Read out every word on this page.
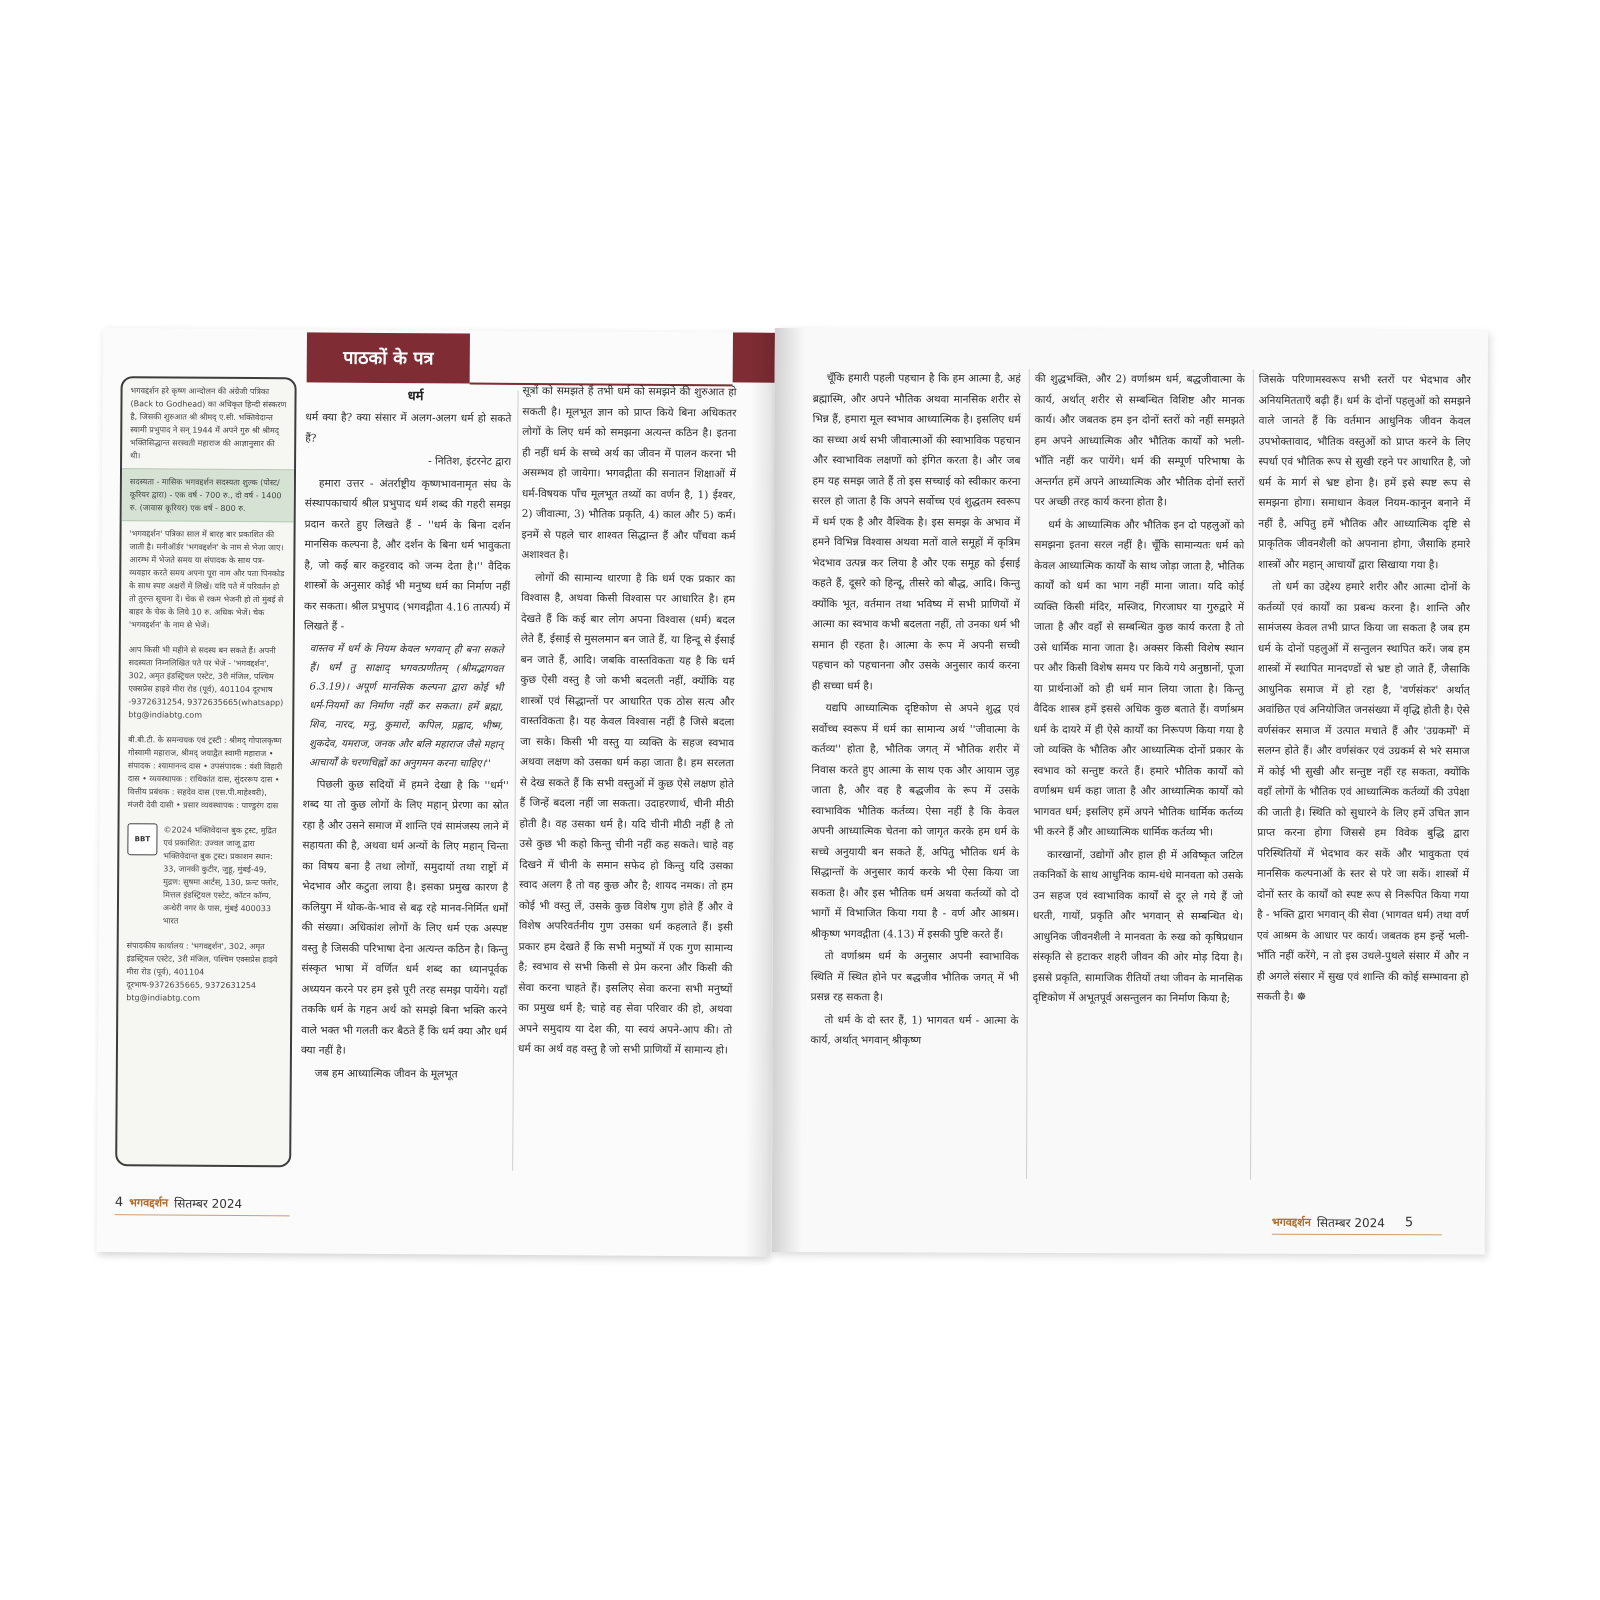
पाठकों के पत्र

भगवद्दर्शन हरे कृष्ण आन्दोलन की अंग्रेजी पत्रिका (Back to Godhead) का अधिकृत हिन्दी संस्करण है, जिसकी शुरुआत श्री श्रीमद् ए.सी. भक्तिवेदान्त स्वामी प्रभुपाद ने सन् 1944 में अपने गुरु श्री श्रीमद् भक्तिसिद्धान्त सरस्वती महाराज की आज्ञानुसार की थी।

सदस्यता - मासिक भगवद्दर्शन सदस्यता शुल्क (पोस्ट/कूरियर द्वारा) - एक वर्ष - 700 रु., दो वर्ष - 1400 रु. (जावास कूरियर) एक वर्ष - 800 रु.

'भगवद्दर्शन' पत्रिका साल में बारह बार प्रकाशित की जाती है। मनीऑर्डर 'भगवद्दर्शन' के नाम से भेजा जाए। आरम्भ में भेजते समय या संपादक के साथ पत्र-व्यवहार करते समय अपना पूरा नाम और पता पिनकोड के साथ स्पष्ट अक्षरों में लिखें। यदि पते में परिवर्तन हो तो तुरन्त सूचना दें। चेक से रकम भेजनी हो तो मुंबई से बाहर के चेक के लिये 10 रु. अधिक भेजें। चेक 'भगवद्दर्शन' के नाम से भेजें।

आप किसी भी महीने से सदस्य बन सकते हैं। अपनी सदस्यता निम्नलिखित पते पर भेजें - 'भगवद्दर्शन', 302, अमृत इंडस्ट्रियल एस्टेट, 3री मंजिल, पश्चिम एक्सप्रेस हाइवे मीरा रोड (पूर्व), 401104 दूरभाष -9372631254, 9372635665(whatsapp) btg@indiabtg.com

बी.बी.टी. के समन्वयक एवं ट्रस्टी : श्रीमद् गोपालकृष्ण गोस्वामी महाराज, श्रीमद् जयाद्वैत स्वामी महाराज • संपादक : श्यामानन्द दास • उपसंपादक : वंशी विहारी दास • व्यवस्थापक : राधिकांत दास, सुंदररूप दास • वित्तीय प्रबंधक : सहदेव दास (एस.पी.माहेश्वरी), मंजरी देवी दासी • प्रसार व्यवस्थापक : पाण्डुरंग दास

BBT

©2024 भक्तिवेदान्त बुक ट्रस्ट, मुद्रित एवं प्रकाशित: उज्वल जाजू द्वारा भक्तिवेदान्त बुक ट्रस्ट। प्रकाशन स्थान: 33, जानकी कुटीर, जुहू, मुंबई-49, मुद्रण: सुषमा आर्टस्, 130, फ्रन्ट फ्लोर, मित्तल इंडस्ट्रियल एस्टेट, कॉटन कॉम्प, अन्धेरी नगर के पास, मुंबई 400033 भारत

संपादकीय कार्यालय : 'भगवद्दर्शन', 302, अमृत इंडस्ट्रियल एस्टेट, 3री मंजिल, पश्चिम एक्सप्रेस हाइवे मीरा रोड (पूर्व), 401104 दूरभाष-9372635665, 9372631254 btg@indiabtg.com

धर्म

धर्म क्या है? क्या संसार में अलग-अलग धर्म हो सकते हैं?

- नितिश, इंटरनेट द्वारा

हमारा उत्तर - अंतर्राष्ट्रीय कृष्णभावनामृत संघ के संस्थापकाचार्य श्रील प्रभुपाद धर्म शब्द की गहरी समझ प्रदान करते हुए लिखते हैं - ''धर्म के बिना दर्शन मानसिक कल्पना है, और दर्शन के बिना धर्म भावुकता है, जो कई बार कट्टरवाद को जन्म देता है।'' वैदिक शास्त्रों के अनुसार कोई भी मनुष्य धर्म का निर्माण नहीं कर सकता। श्रील प्रभुपाद (भगवद्गीता 4.16 तात्पर्य) में लिखते हैं -

वास्तव में धर्म के नियम केवल भगवान् ही बना सकते हैं। धर्मं तु साक्षाद् भगवत्प्रणीतम् (श्रीमद्भागवत 6.3.19)। अपूर्ण मानसिक कल्पना द्वारा कोई भी धर्म-नियमों का निर्माण नहीं कर सकता। हमें ब्रह्मा, शिव, नारद, मनु, कुमारों, कपिल, प्रह्लाद, भीष्म, शुकदेव, यमराज, जनक और बलि महाराज जैसे महान् आचार्यों के चरणचिह्नों का अनुगमन करना चाहिए।''

पिछली कुछ सदियों में हमने देखा है कि ''धर्म'' शब्द या तो कुछ लोगों के लिए महान् प्रेरणा का स्रोत रहा है और उसने समाज में शान्ति एवं सामंजस्य लाने में सहायता की है, अथवा धर्म अन्यों के लिए महान् चिन्ता का विषय बना है तथा लोगों, समुदायों तथा राष्ट्रों में भेदभाव और कटुता लाया है। इसका प्रमुख कारण है कलियुग में थोक-के-भाव से बढ़ रहे मानव-निर्मित धर्मों की संख्या। अधिकांश लोगों के लिए धर्म एक अस्पष्ट वस्तु है जिसकी परिभाषा देना अत्यन्त कठिन है। किन्तु संस्कृत भाषा में वर्णित धर्म शब्द का ध्यानपूर्वक अध्ययन करने पर हम इसे पूरी तरह समझ पायेंगे। यहाँ तककि धर्म के गहन अर्थ को समझे बिना भक्ति करने वाले भक्त भी गलती कर बैठते हैं कि धर्म क्या और धर्म क्या नहीं है।

जब हम आध्यात्मिक जीवन के मूलभूत

सूत्रों को समझते हैं तभी धर्म को समझने की शुरुआत हो सकती है। मूलभूत ज्ञान को प्राप्त किये बिना अधिकतर लोगों के लिए धर्म को समझना अत्यन्त कठिन है। इतना ही नहीं धर्म के सच्चे अर्थ का जीवन में पालन करना भी असम्भव हो जायेगा। भगवद्गीता की सनातन शिक्षाओं में धर्म-विषयक पाँच मूलभूत तथ्यों का वर्णन है, 1) ईश्वर, 2) जीवात्मा, 3) भौतिक प्रकृति, 4) काल और 5) कर्म। इनमें से पहले चार शाश्वत सिद्धान्त हैं और पाँचवा कर्म अशाश्वत है।

लोगों की सामान्य धारणा है कि धर्म एक प्रकार का विश्वास है, अथवा किसी विश्वास पर आधारित है। हम देखते हैं कि कई बार लोग अपना विश्वास (धर्म) बदल लेते हैं, ईसाई से मुसलमान बन जाते हैं, या हिन्दू से ईसाई बन जाते हैं, आदि। जबकि वास्तविकता यह है कि धर्म कुछ ऐसी वस्तु है जो कभी बदलती नहीं, क्योंकि यह शास्त्रों एवं सिद्धान्तों पर आधारित एक ठोस सत्य और वास्तविकता है। यह केवल विश्वास नहीं है जिसे बदला जा सके। किसी भी वस्तु या व्यक्ति के सहज स्वभाव अथवा लक्षण को उसका धर्म कहा जाता है। हम सरलता से देख सकते हैं कि सभी वस्तुओं में कुछ ऐसे लक्षण होते हैं जिन्हें बदला नहीं जा सकता। उदाहरणार्थ, चीनी मीठी होती है। वह उसका धर्म है। यदि चीनी मीठी नहीं है तो उसे कुछ भी कहो किन्तु चीनी नहीं कह सकते। चाहे वह दिखने में चीनी के समान सफेद हो किन्तु यदि उसका स्वाद अलग है तो वह कुछ और है; शायद नमक। तो हम कोई भी वस्तु लें, उसके कुछ विशेष गुण होते हैं और वे विशेष अपरिवर्तनीय गुण उसका धर्म कहलाते हैं। इसी प्रकार हम देखते हैं कि सभी मनुष्यों में एक गुण सामान्य है; स्वभाव से सभी किसी से प्रेम करना और किसी की सेवा करना चाहते हैं। इसलिए सेवा करना सभी मनुष्यों का प्रमुख धर्म है; चाहे वह सेवा परिवार की हो, अथवा अपने समुदाय या देश की, या स्वयं अपने-आप की। तो धर्म का अर्थ वह वस्तु है जो सभी प्राणियों में सामान्य हो।

4 भगवद्दर्शन सितम्बर 2024

चूँकि हमारी पहली पहचान है कि हम आत्मा है, अहं ब्रह्मास्मि, और अपने भौतिक अथवा मानसिक शरीर से भिन्न हैं, हमारा मूल स्वभाव आध्यात्मिक है। इसलिए धर्म का सच्चा अर्थ सभी जीवात्माओं की स्वाभाविक पहचान और स्वाभाविक लक्षणों को इंगित करता है। और जब हम यह समझ जाते हैं तो इस सच्चाई को स्वीकार करना सरल हो जाता है कि अपने सर्वोच्च एवं शुद्धतम स्वरूप में धर्म एक है और वैश्विक है। इस समझ के अभाव में हमने विभिन्न विश्वास अथवा मतों वाले समूहों में कृत्रिम भेदभाव उत्पन्न कर लिया है और एक समूह को ईसाई कहते हैं, दूसरे को हिन्दू, तीसरे को बौद्ध, आदि। किन्तु क्योंकि भूत, वर्तमान तथा भविष्य में सभी प्राणियों में आत्मा का स्वभाव कभी बदलता नहीं, तो उनका धर्म भी समान ही रहता है। आत्मा के रूप में अपनी सच्ची पहचान को पहचानना और उसके अनुसार कार्य करना ही सच्चा धर्म है।

यद्यपि आध्यात्मिक दृष्टिकोण से अपने शुद्ध एवं सर्वोच्च स्वरूप में धर्म का सामान्य अर्थ ''जीवात्मा के कर्तव्य'' होता है, भौतिक जगत् में भौतिक शरीर में निवास करते हुए आत्मा के साथ एक और आयाम जुड़ जाता है, और वह है बद्धजीव के रूप में उसके स्वाभाविक भौतिक कर्तव्य। ऐसा नहीं है कि केवल अपनी आध्यात्मिक चेतना को जागृत करके हम धर्म के सच्चे अनुयायी बन सकते हैं, अपितु भौतिक धर्म के सिद्धान्तों के अनुसार कार्य करके भी ऐसा किया जा सकता है। और इस भौतिक धर्म अथवा कर्तव्यों को दो भागों में विभाजित किया गया है - वर्ण और आश्रम। श्रीकृष्ण भगवद्गीता (4.13) में इसकी पुष्टि करते हैं।

तो वर्णाश्रम धर्म के अनुसार अपनी स्वाभाविक स्थिति में स्थित होने पर बद्धजीव भौतिक जगत् में भी प्रसन्न रह सकता है।

तो धर्म के दो स्तर हैं, 1) भागवत धर्म - आत्मा के कार्य, अर्थात् भगवान् श्रीकृष्ण

की शुद्धभक्ति, और 2) वर्णाश्रम धर्म, बद्धजीवात्मा के कार्य, अर्थात् शरीर से सम्बन्धित विशिष्ट और मानक कार्य। और जबतक हम इन दोनों स्तरों को नहीं समझते हम अपने आध्यात्मिक और भौतिक कार्यों को भली-भाँति नहीं कर पायेंगे। धर्म की सम्पूर्ण परिभाषा के अन्तर्गत हमें अपने आध्यात्मिक और भौतिक दोनों स्तरों पर अच्छी तरह कार्य करना होता है।

धर्म के आध्यात्मिक और भौतिक इन दो पहलुओं को समझना इतना सरल नहीं है। चूँकि सामान्यतः धर्म को केवल आध्यात्मिक कार्यों के साथ जोड़ा जाता है, भौतिक कार्यों को धर्म का भाग नहीं माना जाता। यदि कोई व्यक्ति किसी मंदिर, मस्जिद, गिरजाघर या गुरुद्वारे में जाता है और वहाँ से सम्बन्धित कुछ कार्य करता है तो उसे धार्मिक माना जाता है। अक्सर किसी विशेष स्थान पर और किसी विशेष समय पर किये गये अनुष्ठानों, पूजा या प्रार्थनाओं को ही धर्म मान लिया जाता है। किन्तु वैदिक शास्त्र हमें इससे अधिक कुछ बताते हैं। वर्णाश्रम धर्म के दायरे में ही ऐसे कार्यों का निरूपण किया गया है जो व्यक्ति के भौतिक और आध्यात्मिक दोनों प्रकार के स्वभाव को सन्तुष्ट करते हैं। हमारे भौतिक कार्यों को वर्णाश्रम धर्म कहा जाता है और आध्यात्मिक कार्यों को भागवत धर्म; इसलिए हमें अपने भौतिक धार्मिक कर्तव्य भी करने हैं और आध्यात्मिक धार्मिक कर्तव्य भी।

कारखानों, उद्योगों और हाल ही में अविष्कृत जटिल तकनिकों के साथ आधुनिक काम-धंधे मानवता को उसके उन सहज एवं स्वाभाविक कार्यों से दूर ले गये हैं जो धरती, गायों, प्रकृति और भगवान् से सम्बन्धित थे। आधुनिक जीवनशैली ने मानवता के रुख को कृषिप्रधान संस्कृति से हटाकर शहरी जीवन की ओर मोड़ दिया है। इससे प्रकृति, सामाजिक रीतियों तथा जीवन के मानसिक दृष्टिकोण में अभूतपूर्व असन्तुलन का निर्माण किया है;

जिसके परिणामस्वरूप सभी स्तरों पर भेदभाव और अनियमितताएँ बढ़ी हैं। धर्म के दोनों पहलुओं को समझने वाले जानते हैं कि वर्तमान आधुनिक जीवन केवल उपभोक्तावाद, भौतिक वस्तुओं को प्राप्त करने के लिए स्पर्धा एवं भौतिक रूप से सुखी रहने पर आधारित है, जो धर्म के मार्ग से भ्रष्ट होना है। हमें इसे स्पष्ट रूप से समझना होगा। समाधान केवल नियम-कानून बनाने में नहीं है, अपितु हमें भौतिक और आध्यात्मिक दृष्टि से प्राकृतिक जीवनशैली को अपनाना होगा, जैसाकि हमारे शास्त्रों और महान् आचार्यों द्वारा सिखाया गया है।

तो धर्म का उद्देश्य हमारे शरीर और आत्मा दोनों के कर्तव्यों एवं कार्यों का प्रबन्ध करना है। शान्ति और सामंजस्य केवल तभी प्राप्त किया जा सकता है जब हम धर्म के दोनों पहलुओं में सन्तुलन स्थापित करें। जब हम शास्त्रों में स्थापित मानदण्डों से भ्रष्ट हो जाते हैं, जैसाकि आधुनिक समाज में हो रहा है, 'वर्णसंकर' अर्थात् अवांछित एवं अनियोजित जनसंख्या में वृद्धि होती है। ऐसे वर्णसंकर समाज में उत्पात मचाते हैं और 'उग्रकर्मों' में सलग्न होते हैं। और वर्णसंकर एवं उग्रकर्म से भरे समाज में कोई भी सुखी और सन्तुष्ट नहीं रह सकता, क्योंकि वहाँ लोगों के भौतिक एवं आध्यात्मिक कर्तव्यों की उपेक्षा की जाती है। स्थिति को सुधारने के लिए हमें उचित ज्ञान प्राप्त करना होगा जिससे हम विवेक बुद्धि द्वारा परिस्थितियों में भेदभाव कर सकें और भावुकता एवं मानसिक कल्पनाओं के स्तर से परे जा सकें। शास्त्रों में दोनों स्तर के कार्यों को स्पष्ट रूप से निरूपित किया गया है - भक्ति द्वारा भगवान् की सेवा (भागवत धर्म) तथा वर्ण एवं आश्रम के आधार पर कार्य। जबतक हम इन्हें भली-भाँति नहीं करेंगे, न तो इस उथले-पुथले संसार में और न ही अगले संसार में सुख एवं शान्ति की कोई सम्भावना हो सकती है। ☸

भगवद्दर्शन सितम्बर 2024 5
